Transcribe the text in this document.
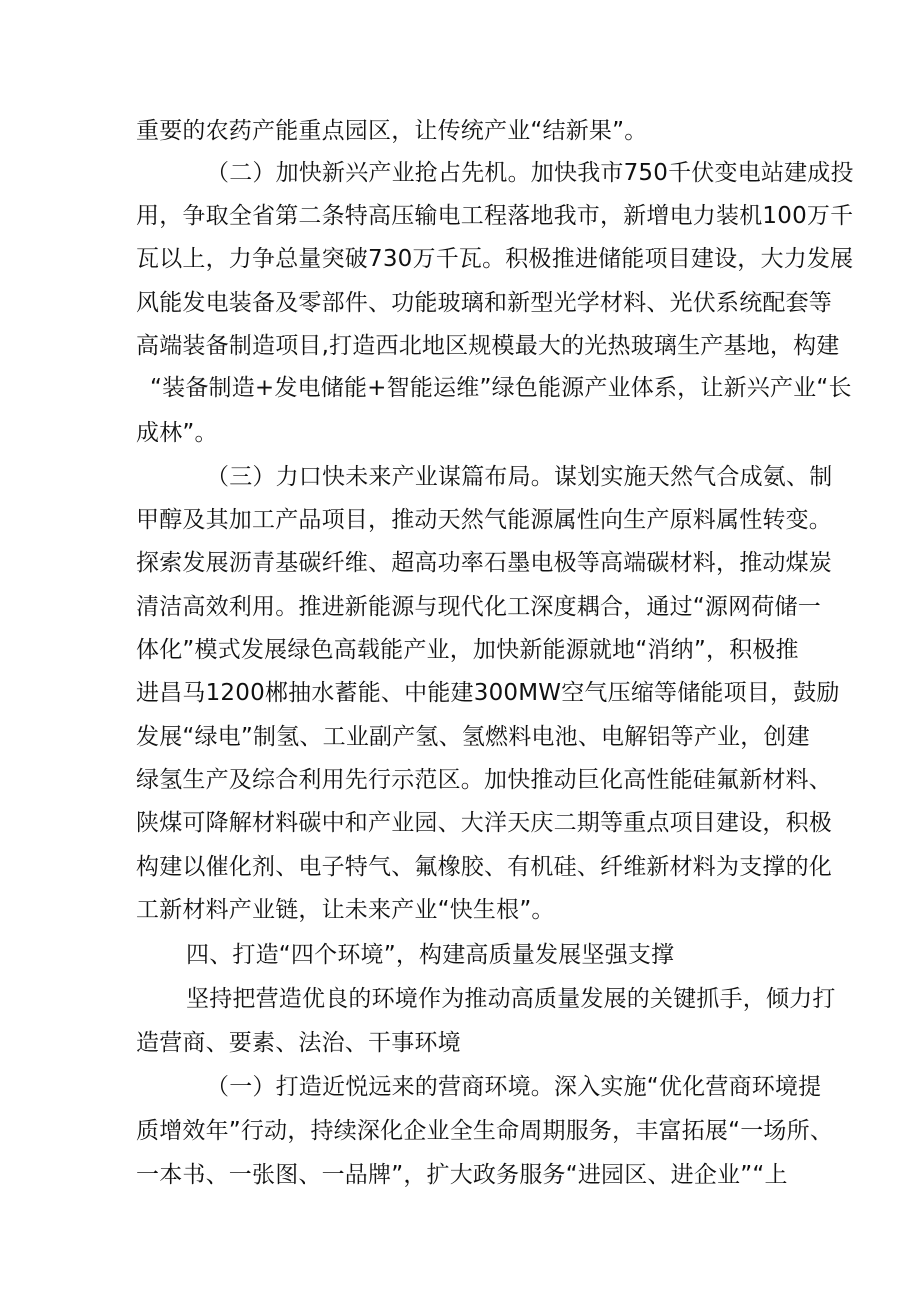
重要的农药产能重点园区，让传统产业“结新果”。
（二）加快新兴产业抢占先机。加快我市750千伏变电站建成投
用，争取全省第二条特高压输电工程落地我市，新增电力装机100万千
瓦以上，力争总量突破730万千瓦。积极推进储能项目建设，大力发展
风能发电装备及零部件、功能玻璃和新型光学材料、光伏系统配套等
高端装备制造项目,打造西北地区规模最大的光热玻璃生产基地，构建
“装备制造+发电储能+智能运维”绿色能源产业体系，让新兴产业“长
成林”。
（三）力口快未来产业谋篇布局。谋划实施天然气合成氨、制
甲醇及其加工产品项目，推动天然气能源属性向生产原料属性转变。
探索发展沥青基碳纤维、超高功率石墨电极等高端碳材料，推动煤炭
清洁高效利用。推进新能源与现代化工深度耦合，通过“源网荷储一
体化”模式发展绿色高载能产业，加快新能源就地“消纳”，积极推
进昌马1200郴抽水蓄能、中能建300MW空气压缩等储能项目，鼓励
发展“绿电”制氢、工业副产氢、氢燃料电池、电解铝等产业，创建
绿氢生产及综合利用先行示范区。加快推动巨化高性能硅氟新材料、
陕煤可降解材料碳中和产业园、大洋天庆二期等重点项目建设，积极
构建以催化剂、电子特气、氟橡胶、有机硅、纤维新材料为支撑的化
工新材料产业链，让未来产业“快生根”。
四、打造“四个环境”，构建高质量发展坚强支撑
坚持把营造优良的环境作为推动高质量发展的关键抓手，倾力打
造营商、要素、法治、干事环境
（一）打造近悦远来的营商环境。深入实施“优化营商环境提
质增效年”行动，持续深化企业全生命周期服务，丰富拓展“一场所、
一本书、一张图、一品牌”，扩大政务服务“进园区、进企业”“上
